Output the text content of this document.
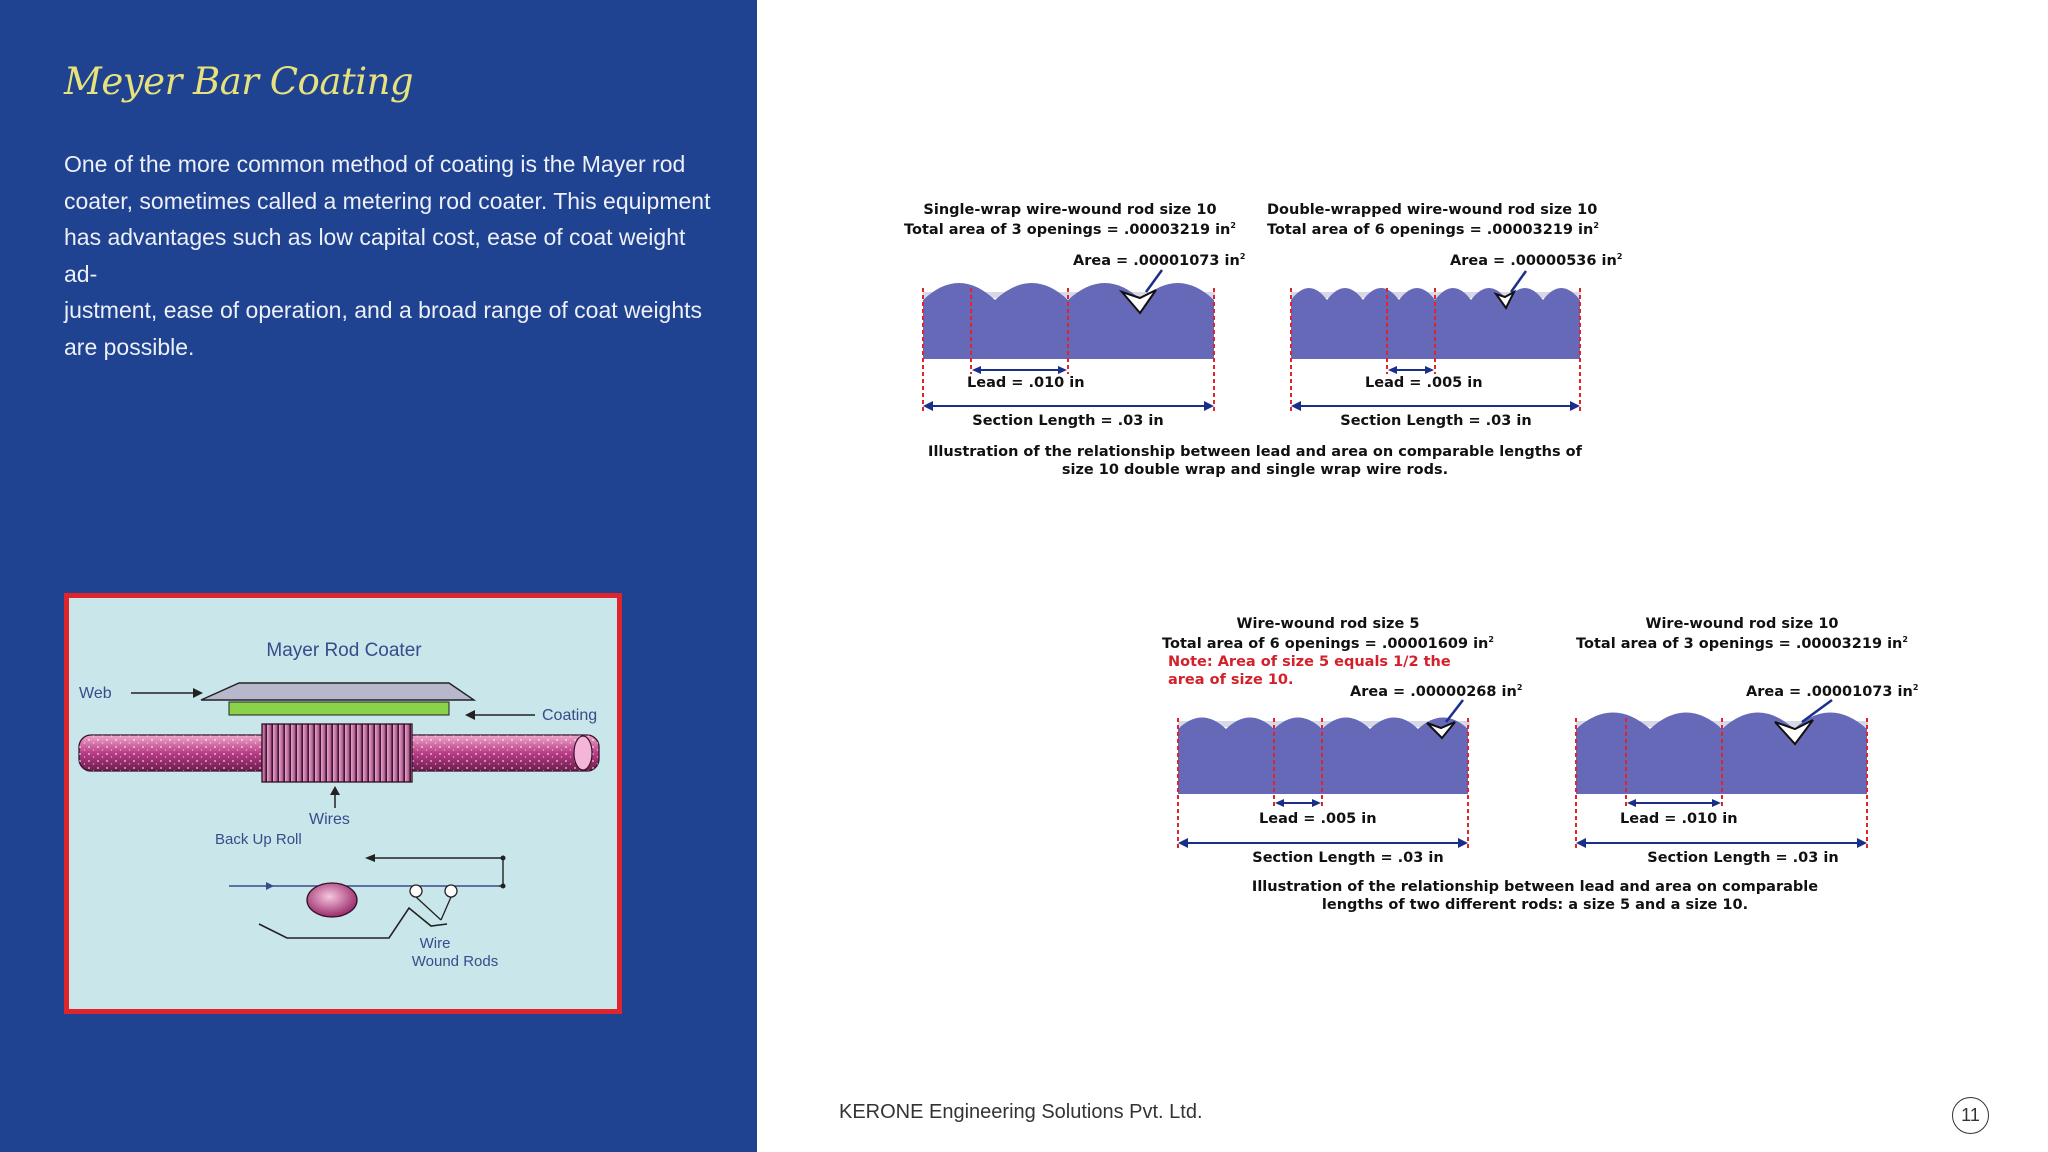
Meyer Bar Coating
One of the more common method of coating is the Mayer rod
coater, sometimes called a metering rod coater. This equipment
has advantages such as low capital cost, ease of coat weight ad-
justment, ease of operation, and a broad range of coat weights
are possible.
Mayer Rod Coater
Web
Coating
Wires
Back Up Roll
Wire
Wound Rods
Single-wrap wire-wound rod size 10
Total area of 3 openings = .00003219 $in^2$
Area = .00001073 $in^2$
Lead = .010 in
Section Length = .03 in
Double-wrapped wire-wound rod size 10
Total area of 6 openings = .00003219 $in^2$
Area = .00000536 $in^2$
Lead = .005 in
Section Length = .03 in
Illustration of the relationship between lead and area on comparable lengths of
size 10 double wrap and single wrap wire rods.
Wire-wound rod size 5
Total area of 6 openings = .00001609 $in^2$
Note: Area of size 5 equals 1/2 the
area of size 10.
Area = .00000268 $in^2$
Lead = .005 in
Section Length = .03 in
Wire-wound rod size 10
Total area of 3 openings = .00003219 $in^2$
Area = .00001073 $in^2$
Lead = .010 in
Section Length = .03 in
Illustration of the relationship between lead and area on comparable
lengths of two different rods: a size 5 and a size 10.
KERONE Engineering Solutions Pvt. Ltd.	11
